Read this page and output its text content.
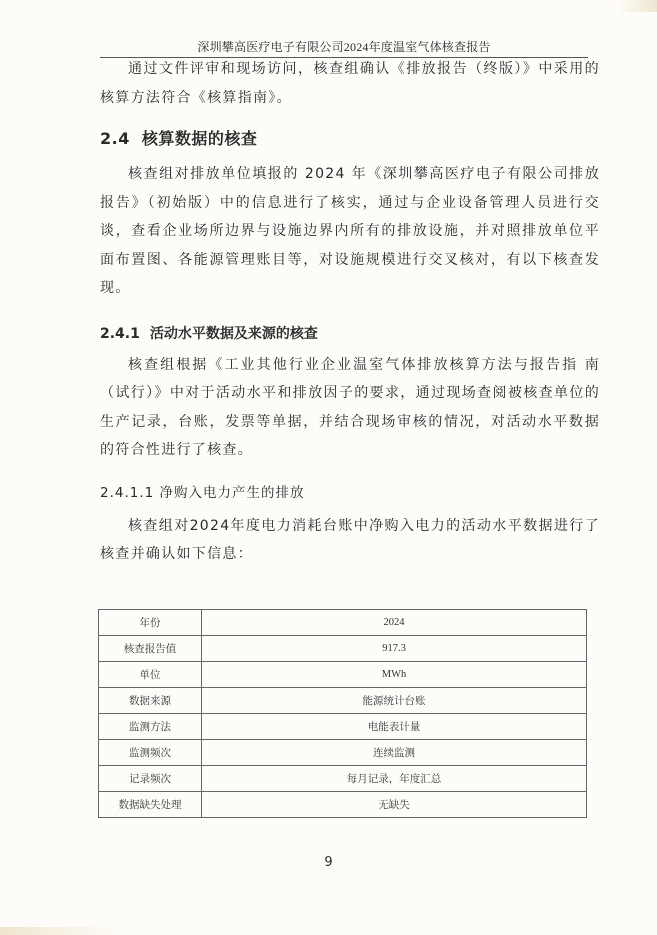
深圳攀高医疗电子有限公司2024年度温室气体核查报告

通过文件评审和现场访问，核查组确认《排放报告（终版）》中采用的核算方法符合《核算指南》。

2.4 核算数据的核查

核查组对排放单位填报的 2024 年《深圳攀高医疗电子有限公司排放报告》（初始版）中的信息进行了核实，通过与企业设备管理人员进行交谈，查看企业场所边界与设施边界内所有的排放设施，并对照排放单位平面布置图、各能源管理账目等，对设施规模进行交叉核对，有以下核查发现。

2.4.1 活动水平数据及来源的核查

核查组根据《工业其他行业企业温室气体排放核算方法与报告指 南（试行）》中对于活动水平和排放因子的要求，通过现场查阅被核查单位的生产记录，台账，发票等单据，并结合现场审核的情况，对活动水平数据的符合性进行了核查。

2.4.1.1 净购入电力产生的排放

核查组对2024年度电力消耗台账中净购入电力的活动水平数据进行了核查并确认如下信息：

年份	2024
核查报告值	917.3
单位	MWh
数据来源	能源统计台账
监测方法	电能表计量
监测频次	连续监测
记录频次	每月记录，年度汇总
数据缺失处理	无缺失
9
